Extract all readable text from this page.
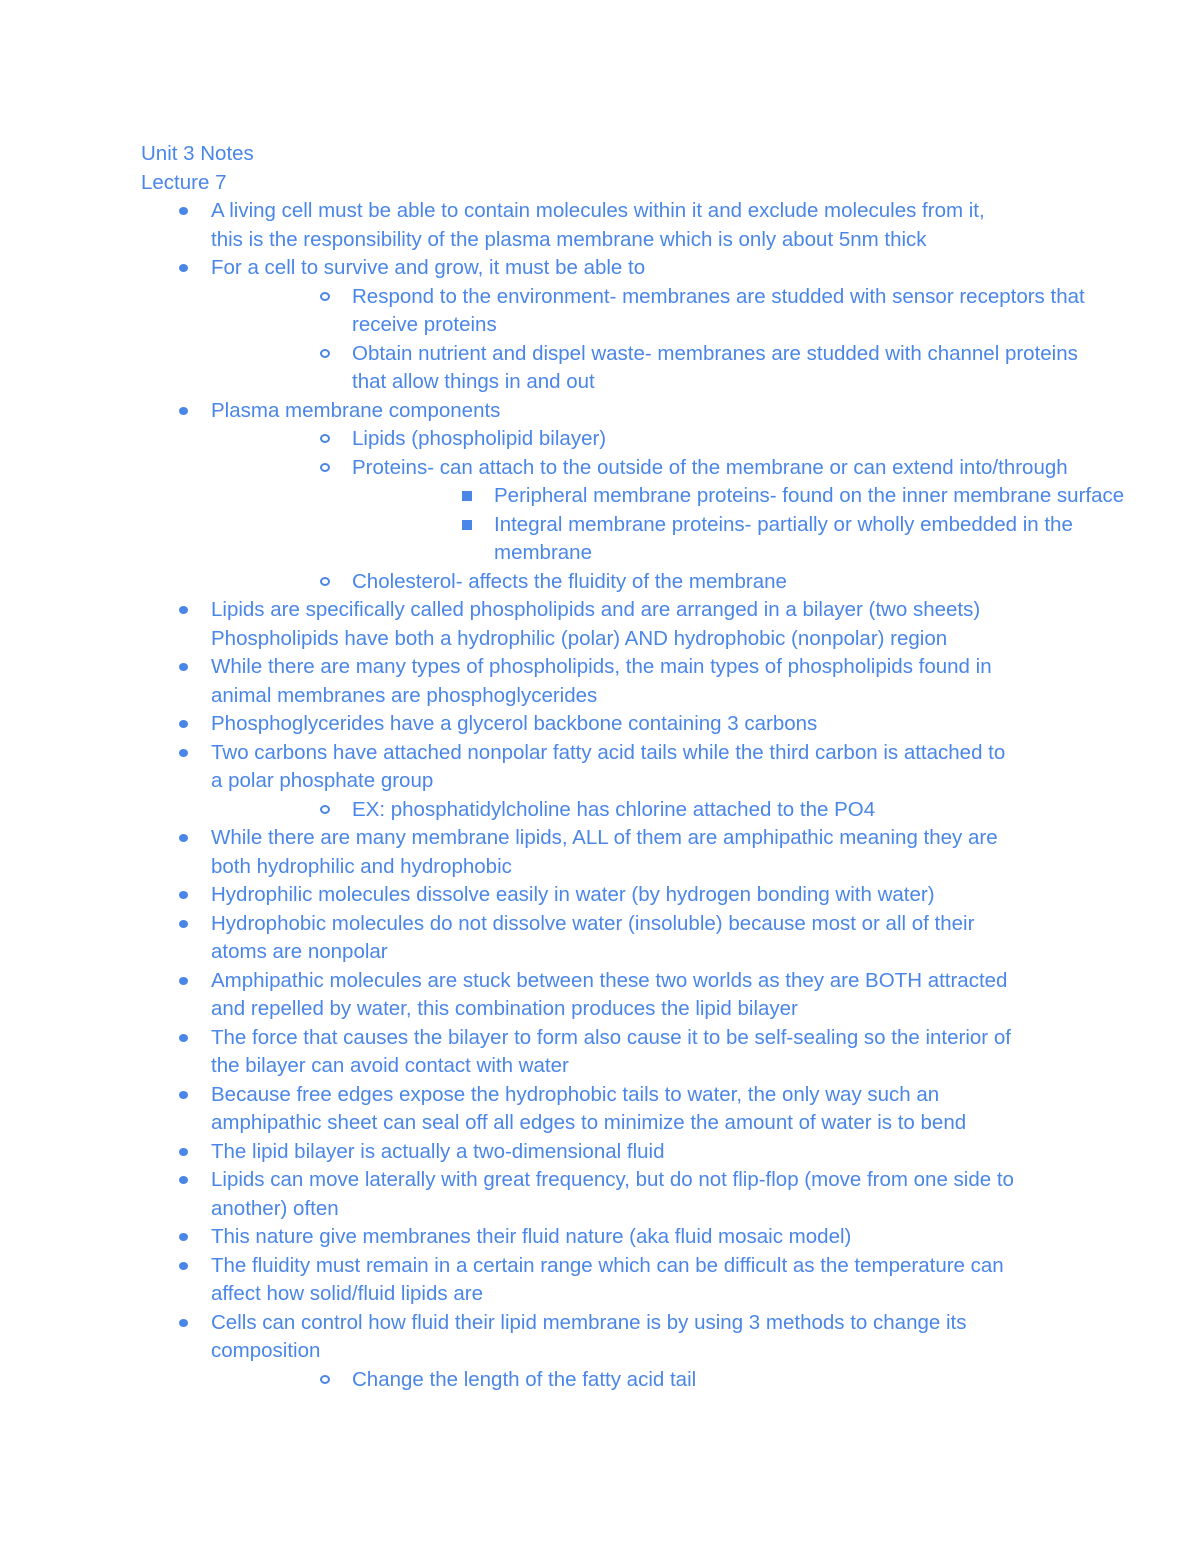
Unit 3 Notes
Lecture 7
A living cell must be able to contain molecules within it and exclude molecules from it,
this is the responsibility of the plasma membrane which is only about 5nm thick
For a cell to survive and grow, it must be able to
Respond to the environment- membranes are studded with sensor receptors that
receive proteins
Obtain nutrient and dispel waste- membranes are studded with channel proteins
that allow things in and out
Plasma membrane components
Lipids (phospholipid bilayer)
Proteins- can attach to the outside of the membrane or can extend into/through
Peripheral membrane proteins- found on the inner membrane surface
Integral membrane proteins- partially or wholly embedded in the
membrane
Cholesterol- affects the fluidity of the membrane
Lipids are specifically called phospholipids and are arranged in a bilayer (two sheets)
Phospholipids have both a hydrophilic (polar) AND hydrophobic (nonpolar) region
While there are many types of phospholipids, the main types of phospholipids found in
animal membranes are phosphoglycerides
Phosphoglycerides have a glycerol backbone containing 3 carbons
Two carbons have attached nonpolar fatty acid tails while the third carbon is attached to
a polar phosphate group
EX: phosphatidylcholine has chlorine attached to the PO4
While there are many membrane lipids, ALL of them are amphipathic meaning they are
both hydrophilic and hydrophobic
Hydrophilic molecules dissolve easily in water (by hydrogen bonding with water)
Hydrophobic molecules do not dissolve water (insoluble) because most or all of their
atoms are nonpolar
Amphipathic molecules are stuck between these two worlds as they are BOTH attracted
and repelled by water, this combination produces the lipid bilayer
The force that causes the bilayer to form also cause it to be self-sealing so the interior of
the bilayer can avoid contact with water
Because free edges expose the hydrophobic tails to water, the only way such an
amphipathic sheet can seal off all edges to minimize the amount of water is to bend
The lipid bilayer is actually a two-dimensional fluid
Lipids can move laterally with great frequency, but do not flip-flop (move from one side to
another) often
This nature give membranes their fluid nature (aka fluid mosaic model)
The fluidity must remain in a certain range which can be difficult as the temperature can
affect how solid/fluid lipids are
Cells can control how fluid their lipid membrane is by using 3 methods to change its
composition
Change the length of the fatty acid tail
